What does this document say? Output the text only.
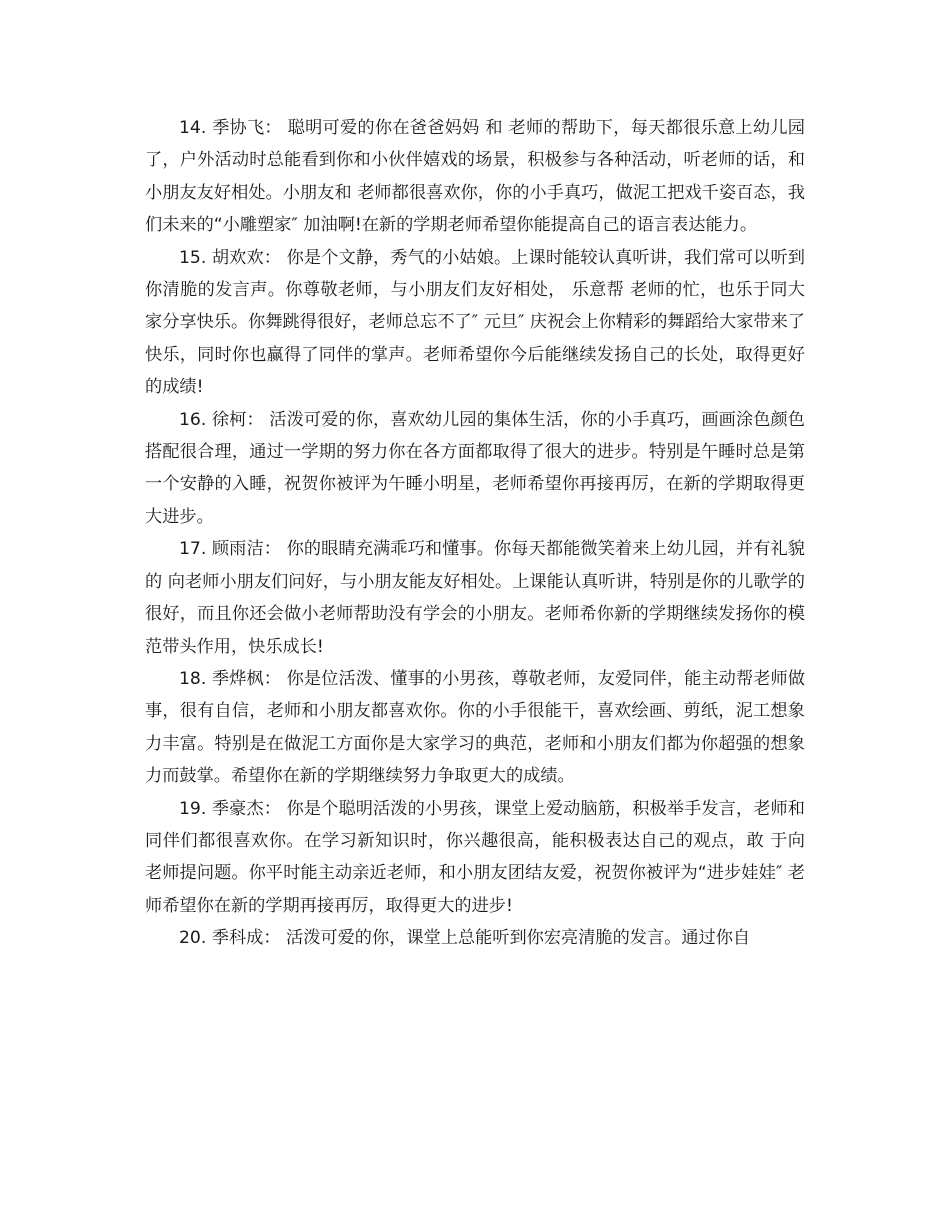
14. 季协飞： 聪明可爱的你在爸爸妈妈 和 老师的帮助下，每天都很乐意上幼儿园了，户外活动时总能看到你和小伙伴嬉戏的场景，积极参与各种活动，听老师的话，和小朋友友好相处。小朋友和 老师都很喜欢你，你的小手真巧，做泥工把戏千姿百态，我们未来的“小雕塑家″ 加油啊!在新的学期老师希望你能提高自己的语言表达能力。

15. 胡欢欢： 你是个文静，秀气的小姑娘。上课时能较认真听讲，我们常可以听到你清脆的发言声。你尊敬老师，与小朋友们友好相处， 乐意帮 老师的忙，也乐于同大家分享快乐。你舞跳得很好，老师总忘不了″ 元旦″ 庆祝会上你精彩的舞蹈给大家带来了快乐，同时你也赢得了同伴的掌声。老师希望你今后能继续发扬自己的长处，取得更好的成绩!

16. 徐柯： 活泼可爱的你，喜欢幼儿园的集体生活，你的小手真巧，画画涂色颜色搭配很合理，通过一学期的努力你在各方面都取得了很大的进步。特别是午睡时总是第一个安静的入睡，祝贺你被评为午睡小明星，老师希望你再接再厉，在新的学期取得更大进步。

17. 顾雨洁： 你的眼睛充满乖巧和懂事。你每天都能微笑着来上幼儿园，并有礼貌的 向老师小朋友们问好，与小朋友能友好相处。上课能认真听讲，特别是你的儿歌学的很好，而且你还会做小老师帮助没有学会的小朋友。老师希你新的学期继续发扬你的模范带头作用，快乐成长!

18. 季烨枫： 你是位活泼、懂事的小男孩，尊敬老师，友爱同伴，能主动帮老师做事，很有自信，老师和小朋友都喜欢你。你的小手很能干，喜欢绘画、剪纸，泥工想象力丰富。特别是在做泥工方面你是大家学习的典范，老师和小朋友们都为你超强的想象力而鼓掌。希望你在新的学期继续努力争取更大的成绩。

19. 季豪杰： 你是个聪明活泼的小男孩，课堂上爱动脑筋，积极举手发言，老师和同伴们都很喜欢你。在学习新知识时，你兴趣很高，能积极表达自己的观点，敢 于向 老师提问题。你平时能主动亲近老师，和小朋友团结友爱，祝贺你被评为“进步娃娃″ 老师希望你在新的学期再接再厉，取得更大的进步!

20. 季科成： 活泼可爱的你，课堂上总能听到你宏亮清脆的发言。通过你自
